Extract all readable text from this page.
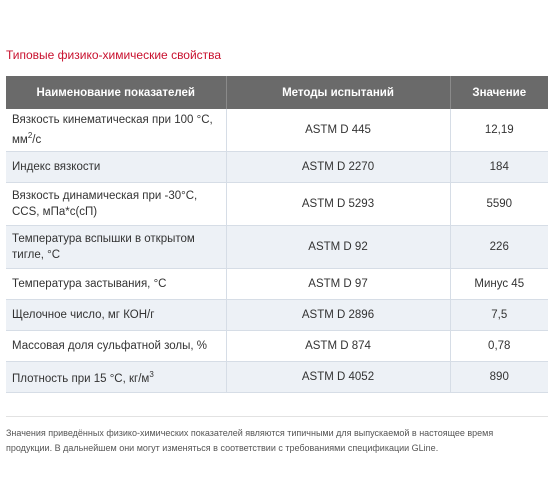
Типовые физико-химические свойства
Наименование показателей	Методы испытаний	Значение
Вязкость кинематическая при 100 °С,
$мм^2/с$	ASTM D 445	12,19
Индекс вязкости	ASTM D 2270	184
Вязкость динамическая при -30°С,
CCS, мПа*с(сП)	ASTM D 5293	5590
Температура вспышки в открытом
тигле, °С	ASTM D 92	226
Температура застывания, °С	ASTM D 97	Минус 45
Щелочное число, мг КОН/г	ASTM D 2896	7,5
Массовая доля сульфатной золы, %	ASTM D 874	0,78
Плотность при 15 °С, $кг/м^3$	ASTM D 4052	890
Значения приведённых физико-химических показателей являются типичными для выпускаемой в настоящее время
продукции. В дальнейшем они могут изменяться в соответствии с требованиями спецификации GLine.
